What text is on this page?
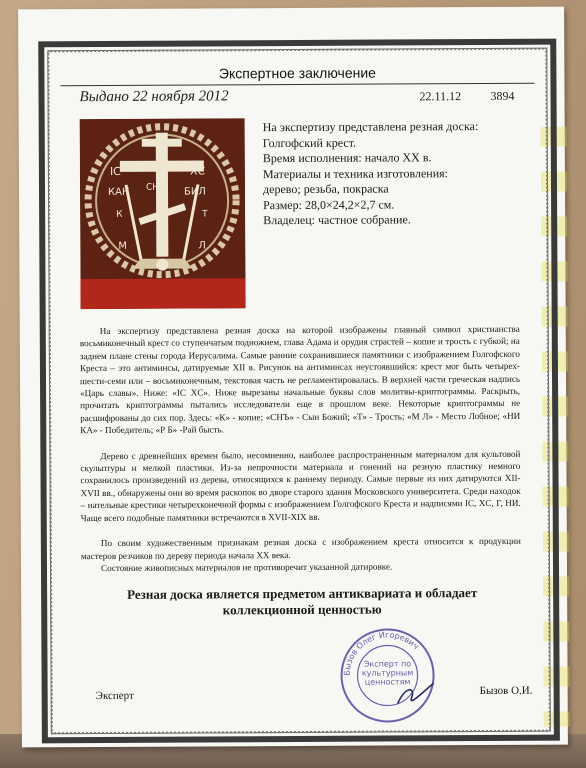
Экспертное заключение
Выдано 22 ноября 2012	22.11.12 3894
IC	ХС
КАН	БИЛ
М	Л
СНЪ
К	Т
На экспертизу представлена резная доска:
Голгофский крест.
Время исполнения: начало XX в.
Материалы и техника изготовления:
дерево; резьба, покраска
Размер: 28,0×24,2×2,7 см.
Владелец: частное собрание.

На экспертизу представлена резная доска на которой изображены главный символ христианства восьмиконечный крест со ступенчатым подножием, глава Адама и орудия страстей – копие и трость с губкой; на заднем плане стены города Иерусалима. Самые ранние сохранившиеся памятники с изображением Голгофского Креста – это антиминсы, датируемые XII в. Рисунок на антиминсах неустоявшийся: крест мог быть четырех-шести-семи или – восьмиконечным, текстовая часть не регламентировалась. В верхней части греческая надпись «Царь славы». Ниже: «IC XC». Ниже вырезаны начальные буквы слов молитвы-криптограммы. Раскрыть, прочитать криптограммы пытались исследователи еще в прошлом веке. Некоторые криптограммы не расшифрованы до сих пор. Здесь: «К» - копие; «СНЪ» - Сын Божий; «Т» - Трость; «М Л» - Место Лобное; «НИ КА» - Победитель; «Р Б» -Рай бысть.

Дерево с древнейших времен было, несомненно, наиболее распространенным материалом для культовой скульптуры и мелкой пластики. Из-за непрочности материала и гонений на резную пластику немного сохранилось произведений из дерева, относящихся к раннему периоду. Самые первые из них датируются XII-XVII вв., обнаружены они во время раскопок во дворе старого здания Московского университета. Среди находок – нательные крестики четырехконечной формы с изображением Голгофского Креста и надписями IC, XC, Г, НИ. Чаще всего подобные памятники встречаются в XVII-XIX вв.

По своим художественным признакам резная доска с изображением креста относится к продукции мастеров резчиков по дереву периода начала XX века.

Состояние живописных материалов не противоречит указанной датировке.

Резная доска является предметом антиквариата и обладает коллекционной ценностью
Эксперт	Бызов О.И.
Бызов Олег Игоревич
Эксперт по культурным ценностям
